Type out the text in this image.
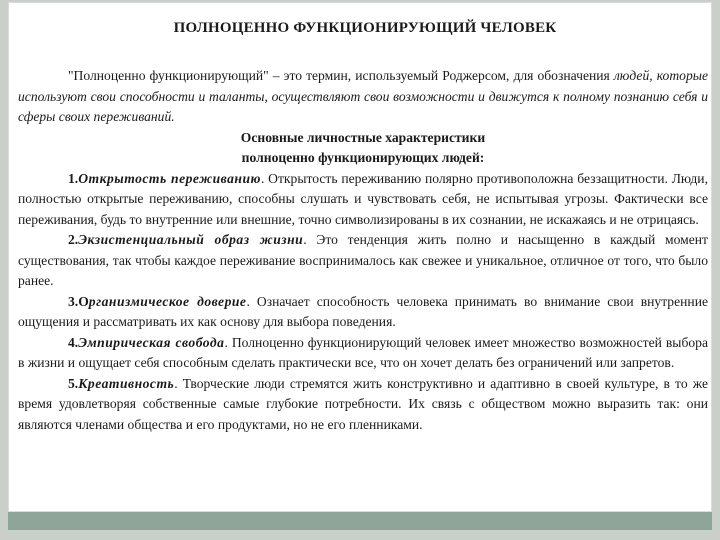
ПОЛНОЦЕННО ФУНКЦИОНИРУЮЩИЙ ЧЕЛОВЕК

"Полноценно функционирующий" – это термин, используемый Роджерсом, для обозначения людей, которые используют свои способности и таланты, осуществляют свои возможности и движутся к полному познанию себя и сферы своих переживаний.

Основные личностные характеристики

полноценно функционирующих людей:

1.Открытость переживанию. Открытость переживанию полярно противоположна беззащитности. Люди, полностью открытые переживанию, способны слушать и чувствовать себя, не испытывая угрозы. Фактически все переживания, будь то внутренние или внешние, точно символизированы в их сознании, не искажаясь и не отрицаясь.

2.Экзистенциальный образ жизни. Это тенденция жить полно и насыщенно в каждый момент существования, так чтобы каждое переживание воспринималось как свежее и уникальное, отличное от того, что было ранее.

3.Организмическое доверие. Означает способность человека принимать во внимание свои внутренние ощущения и рассматривать их как основу для выбора поведения.

4.Эмпирическая свобода. Полноценно функционирующий человек имеет множество возможностей выбора в жизни и ощущает себя способным сделать практически все, что он хочет делать без ограничений или запретов.

5.Креативность. Творческие люди стремятся жить конструктивно и адаптивно в своей культуре, в то же время удовлетворяя собственные самые глубокие потребности. Их связь с обществом можно выразить так: они являются членами общества и его продуктами, но не его пленниками.
